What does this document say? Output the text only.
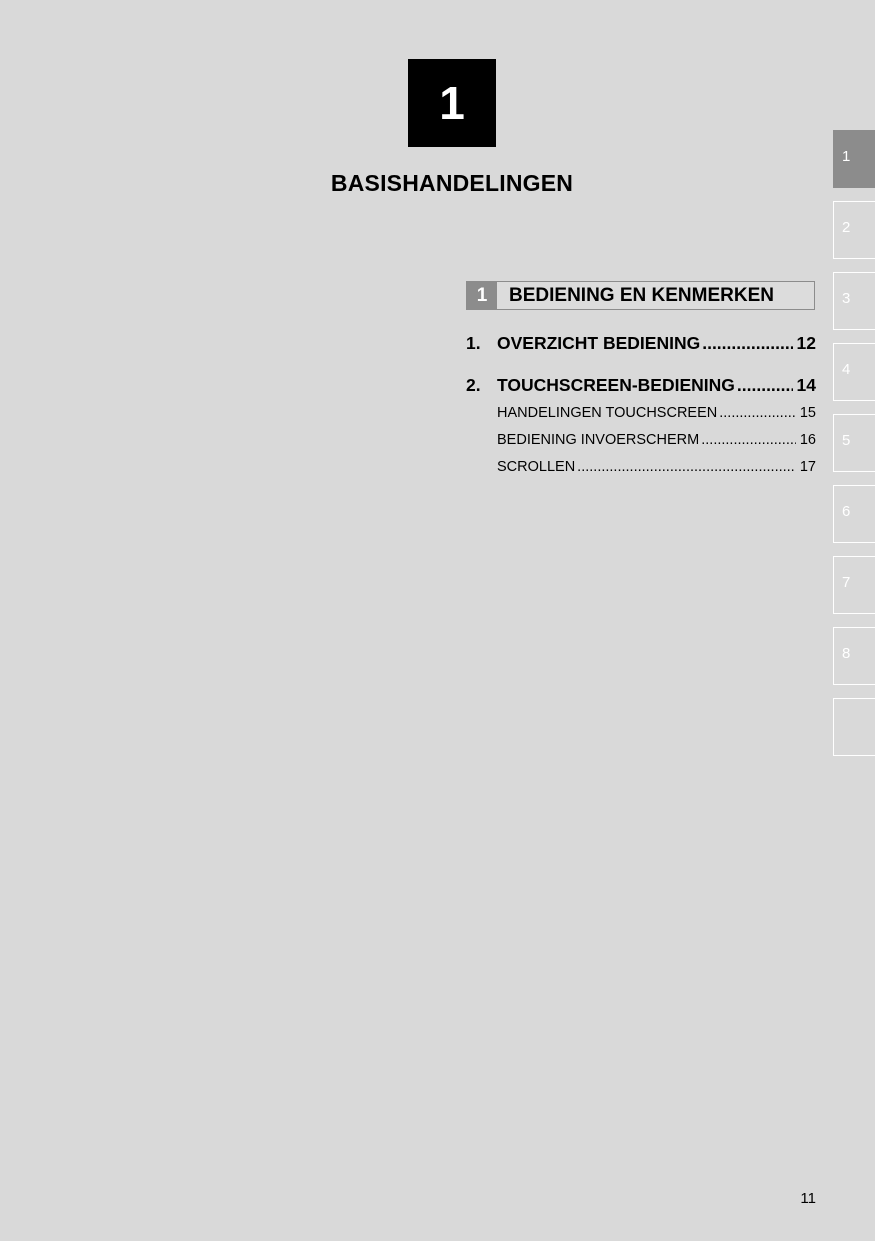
1
BASISHANDELINGEN
1	BEDIENING EN KENMERKEN
1. OVERZICHT BEDIENING .....	12
2. TOUCHSCREEN-BEDIENING .....	14
HANDELINGEN TOUCHSCREEN .....	15
BEDIENING INVOERSCHERM .....	16
SCROLLEN .....	17
1
2
3
4
5
6
7
8
11
